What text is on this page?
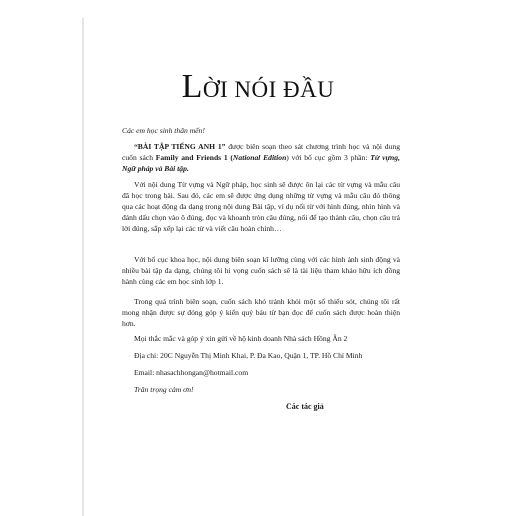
LỜI NÓI ĐẦU

Các em học sinh thân mến!

“BÀI TẬP TIẾNG ANH 1” được biên soạn theo sát chương trình học và nội dung cuốn sách Family and Friends 1 (National Edition) với bố cục gồm 3 phần: Từ vựng, Ngữ pháp và Bài tập.

Với nội dung Từ vựng và Ngữ pháp, học sinh sẽ được ôn lại các từ vựng và mẫu câu đã học trong bài. Sau đó, các em sẽ được ứng dụng những từ vựng và mẫu câu đó thông qua các hoạt động đa dạng trong nội dung Bài tập, ví dụ nối từ với hình đúng, nhìn hình và đánh dấu chọn vào ô đúng, đọc và khoanh tròn câu đúng, nối để tạo thành câu, chọn câu trả lời đúng, sắp xếp lại các từ và viết câu hoàn chỉnh…

Với bố cục khoa học, nội dung biên soạn kĩ lưỡng cùng với các hình ảnh sinh động và nhiều bài tập đa dạng, chúng tôi hi vọng cuốn sách sẽ là tài liệu tham khảo hữu ích đồng hành cùng các em học sinh lớp 1.

Trong quá trình biên soạn, cuốn sách khó tránh khỏi một số thiếu sót, chúng tôi rất mong nhận được sự đóng góp ý kiến quý báu từ bạn đọc để cuốn sách được hoàn thiện hơn.

Mọi thắc mắc và góp ý xin gửi về hộ kinh doanh Nhà sách Hồng Ân 2

Địa chỉ: 20C Nguyễn Thị Minh Khai, P. Đa Kao, Quận 1, TP. Hồ Chí Minh

Email: nhasachhongan@hotmail.com

Trân trọng cảm ơn!

Các tác giả
